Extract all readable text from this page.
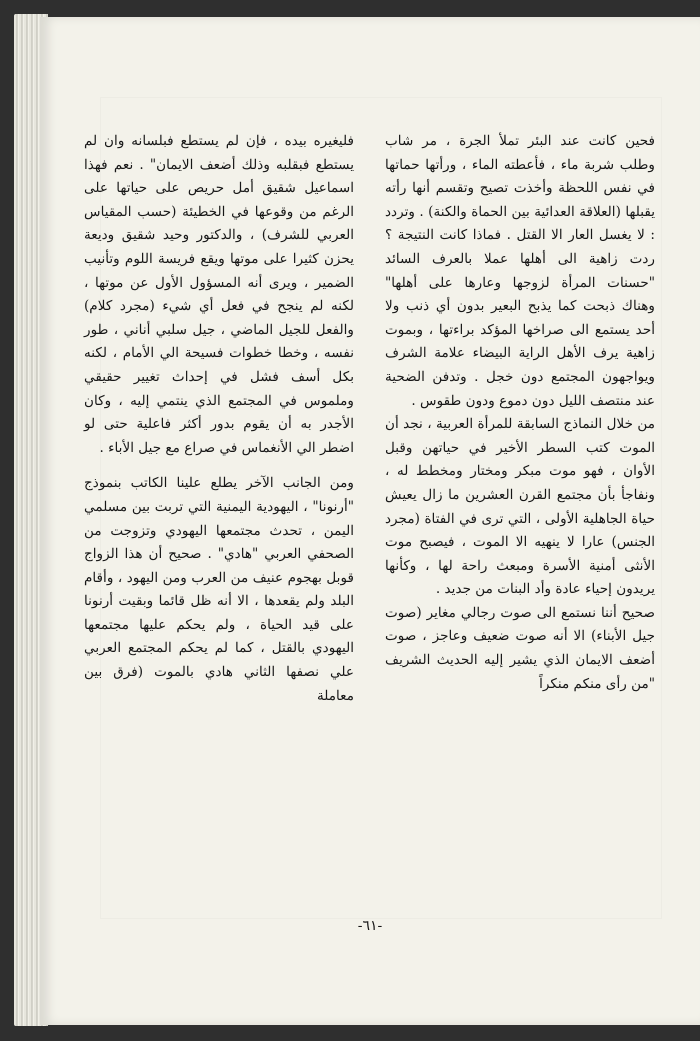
فحين كانت عند البئر تملأ الجرة ، مر شاب وطلب شربة ماء ، فأعطته الماء ، ورأتها حماتها في نفس اللحظة وأخذت تصيح وتقسم أنها رأته يقبلها (العلاقة العدائية بين الحماة والكنة) . وتردد : لا يغسل العار الا القتل . فماذا كانت النتيجة ؟ ردت زاهية الى أهلها عملا بالعرف السائد "حسنات المرأة لزوجها وعارها على أهلها" وهناك ذبحت كما يذبح البعير بدون أي ذنب ولا أحد يستمع الى صراخها المؤكد براءتها ، وبموت زاهية يرف الأهل الراية البيضاء علامة الشرف ويواجهون المجتمع دون خجل . وتدفن الضحية عند منتصف الليل دون دموع ودون طقوس .

من خلال النماذج السابقة للمرأة العربية ، نجد أن الموت كتب السطر الأخير في حياتهن وقبل الأوان ، فهو موت مبكر ومختار ومخطط له ، ونفاجأ بأن مجتمع القرن العشرين ما زال يعيش حياة الجاهلية الأولى ، التي ترى في الفتاة (مجرد الجنس) عارا لا ينهيه الا الموت ، فيصبح موت الأنثى أمنية الأسرة ومبعث راحة لها ، وكأنها يريدون إحياء عادة وأد البنات من جديد .

صحيح أننا نستمع الى صوت رجالي مغاير (صوت جيل الأبناء) الا أنه صوت ضعيف وعاجز ، صوت أضعف الايمان الذي يشير إليه الحديث الشريف "من رأى منكم منكراً

فليغيره بيده ، فإن لم يستطع فبلسانه وان لم يستطع فبقلبه وذلك أضعف الايمان" . نعم فهذا اسماعيل شقيق أمل حريص على حياتها على الرغم من وقوعها في الخطيئة (حسب المقياس العربي للشرف) ، والدكتور وحيد شقيق وديعة يحزن كثيرا على موتها ويقع فريسة اللوم وتأنيب الضمير ، ويرى أنه المسؤول الأول عن موتها ، لكنه لم ينجح في فعل أي شيء (مجرد كلام) والفعل للجيل الماضي ، جيل سلبي أناني ، طور نفسه ، وخطا خطوات فسيحة الي الأمام ، لكنه بكل أسف فشل في إحداث تغيير حقيقي وملموس في المجتمع الذي ينتمي إليه ، وكان الأجدر به أن يقوم بدور أكثر فاعلية حتى لو اضطر الي الأنغماس في صراع مع جيل الأباء .

ومن الجانب الآخر يطلع علينا الكاتب بنموذج "أرنونا" ، اليهودية اليمنية التي تربت بين مسلمي اليمن ، تحدث مجتمعها اليهودي وتزوجت من الصحفي العربي "هادي" . صحيح أن هذا الزواج قوبل بهجوم عنيف من العرب ومن اليهود ، وأقام البلد ولم يقعدها ، الا أنه ظل قائما وبقيت أرنونا على قيد الحياة ، ولم يحكم عليها مجتمعها اليهودي بالقتل ، كما لم يحكم المجتمع العربي علي نصفها الثاني هادي بالموت (فرق بين معاملة

-٦١-
